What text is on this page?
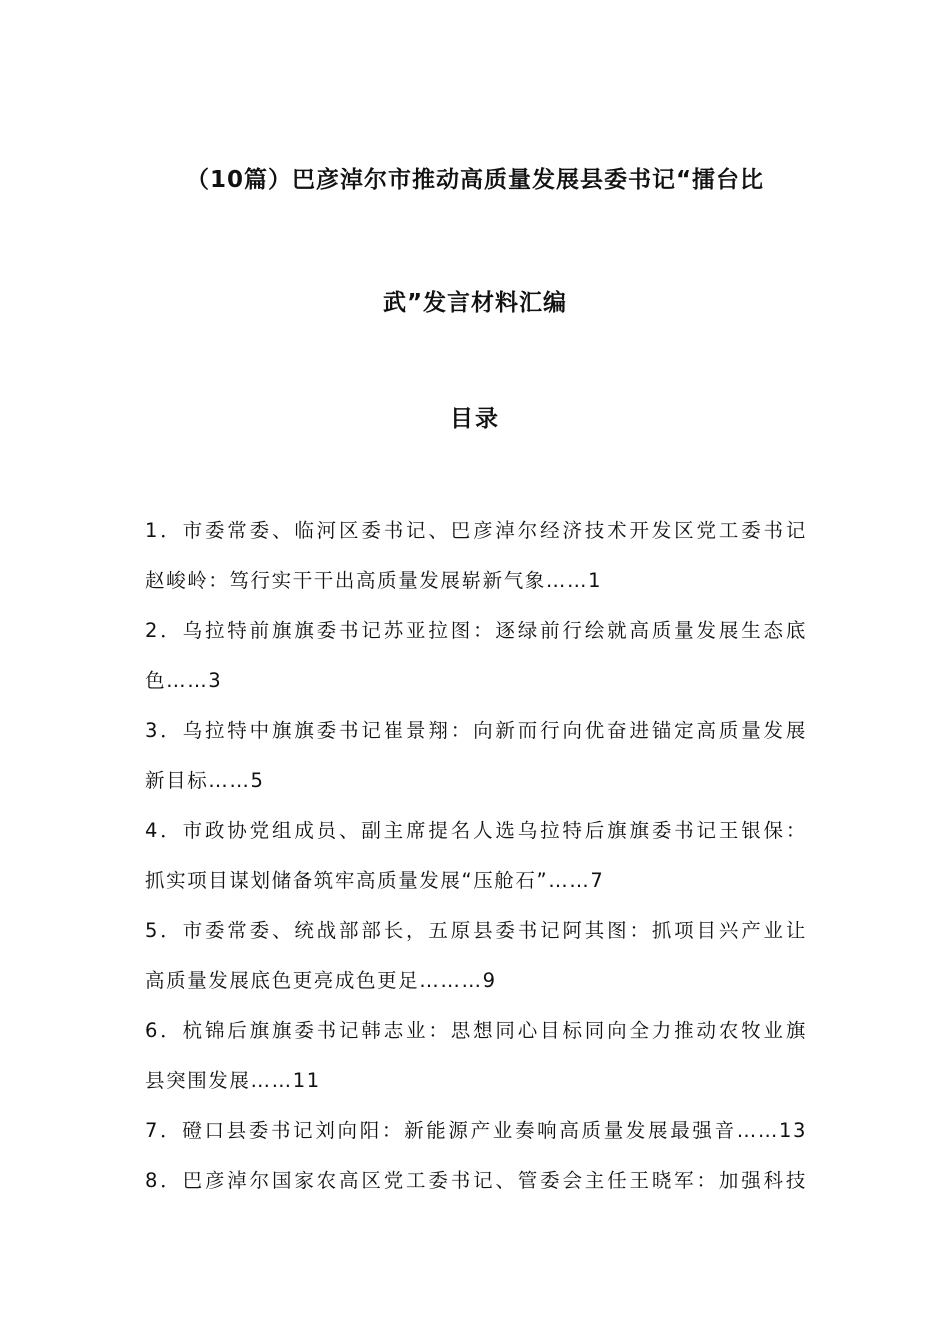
（10篇）巴彦淖尔市推动高质量发展县委书记“擂台比
武”发言材料汇编
目录
1．市委常委、临河区委书记、巴彦淖尔经济技术开发区党工委书记
赵峻岭：笃行实干干出高质量发展崭新气象……1
2．乌拉特前旗旗委书记苏亚拉图：逐绿前行绘就高质量发展生态底
色……3
3．乌拉特中旗旗委书记崔景翔：向新而行向优奋进锚定高质量发展
新目标……5
4．市政协党组成员、副主席提名人选乌拉特后旗旗委书记王银保：
抓实项目谋划储备筑牢高质量发展“压舱石”……7
5．市委常委、统战部部长，五原县委书记阿其图：抓项目兴产业让
高质量发展底色更亮成色更足………9
6．杭锦后旗旗委书记韩志业：思想同心目标同向全力推动农牧业旗
县突围发展……11
7．磴口县委书记刘向阳：新能源产业奏响高质量发展最强音……13
8．巴彦淖尔国家农高区党工委书记、管委会主任王晓军：加强科技
